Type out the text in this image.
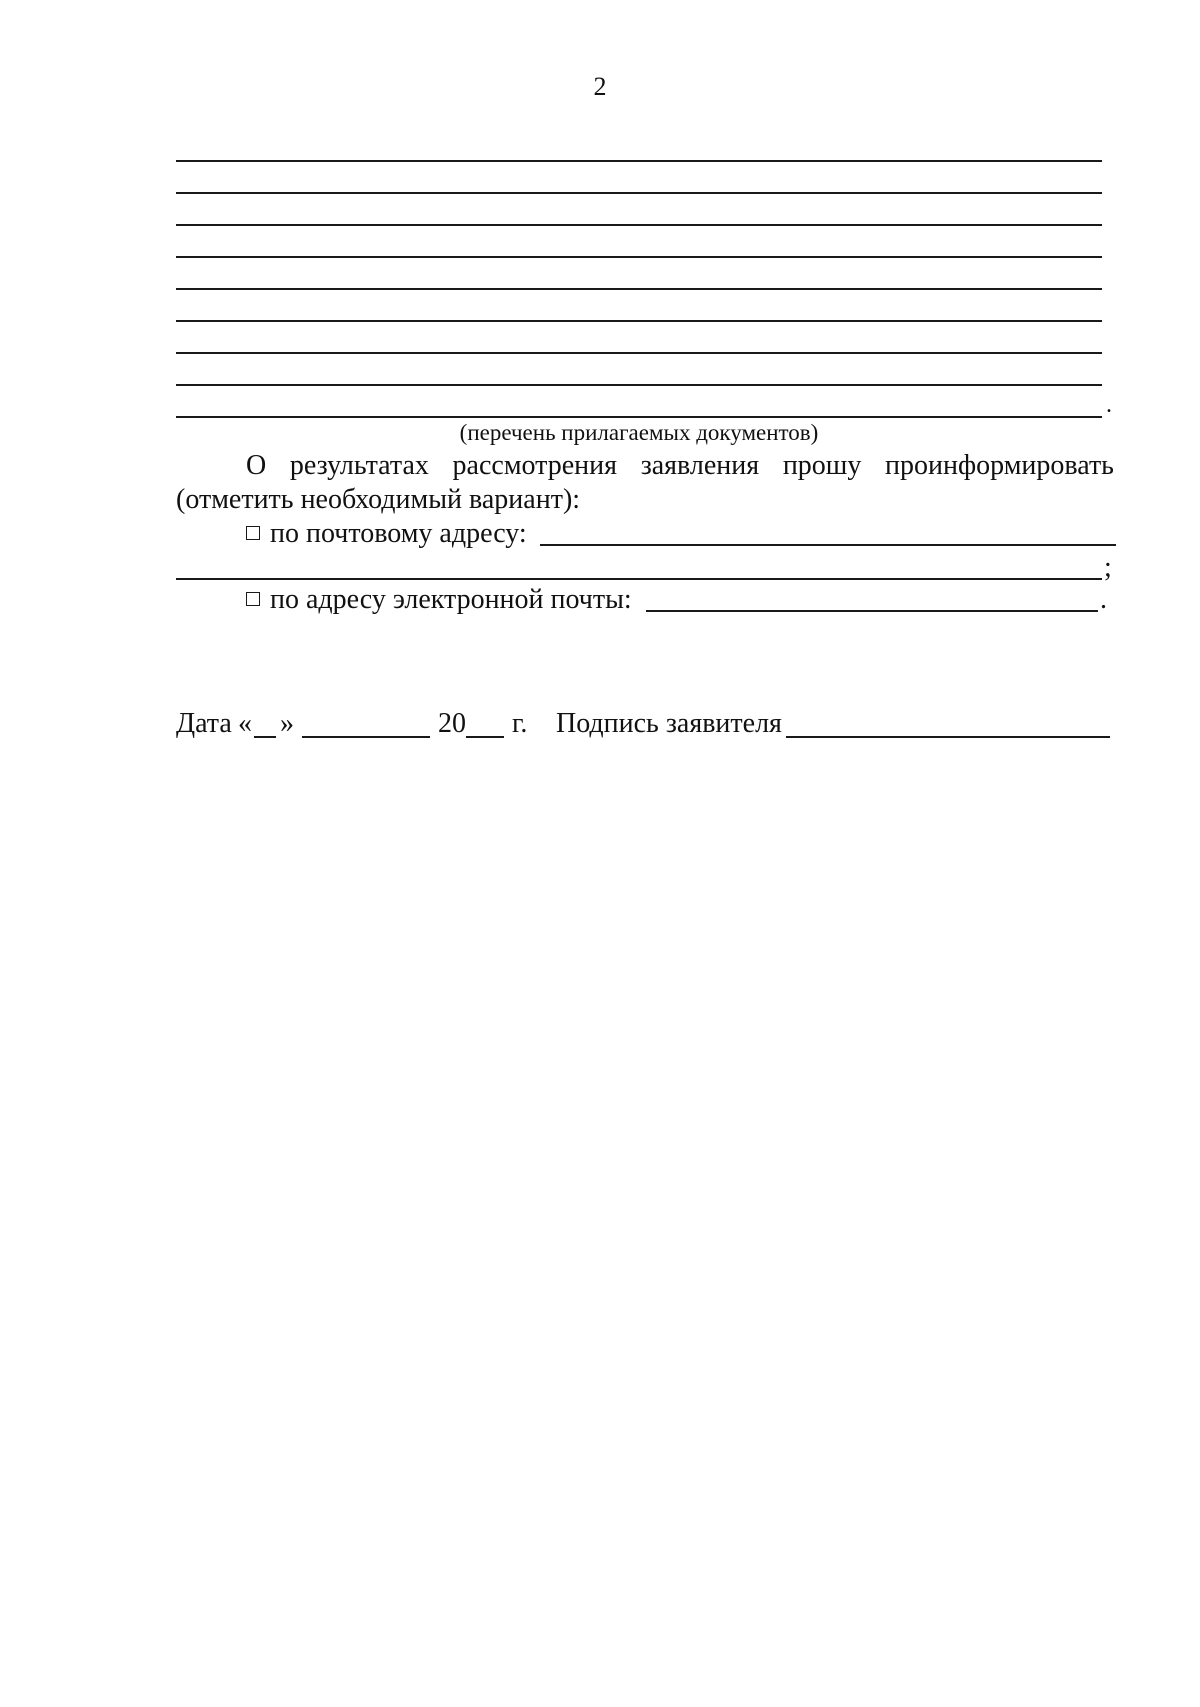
2
.
(перечень прилагаемых документов)
О результатах рассмотрения заявления прошу проинформировать
(отметить необходимый вариант):
по почтовому адресу:
;
по адресу электронной почты:	.
Дата « »	20 г. Подпись заявителя
